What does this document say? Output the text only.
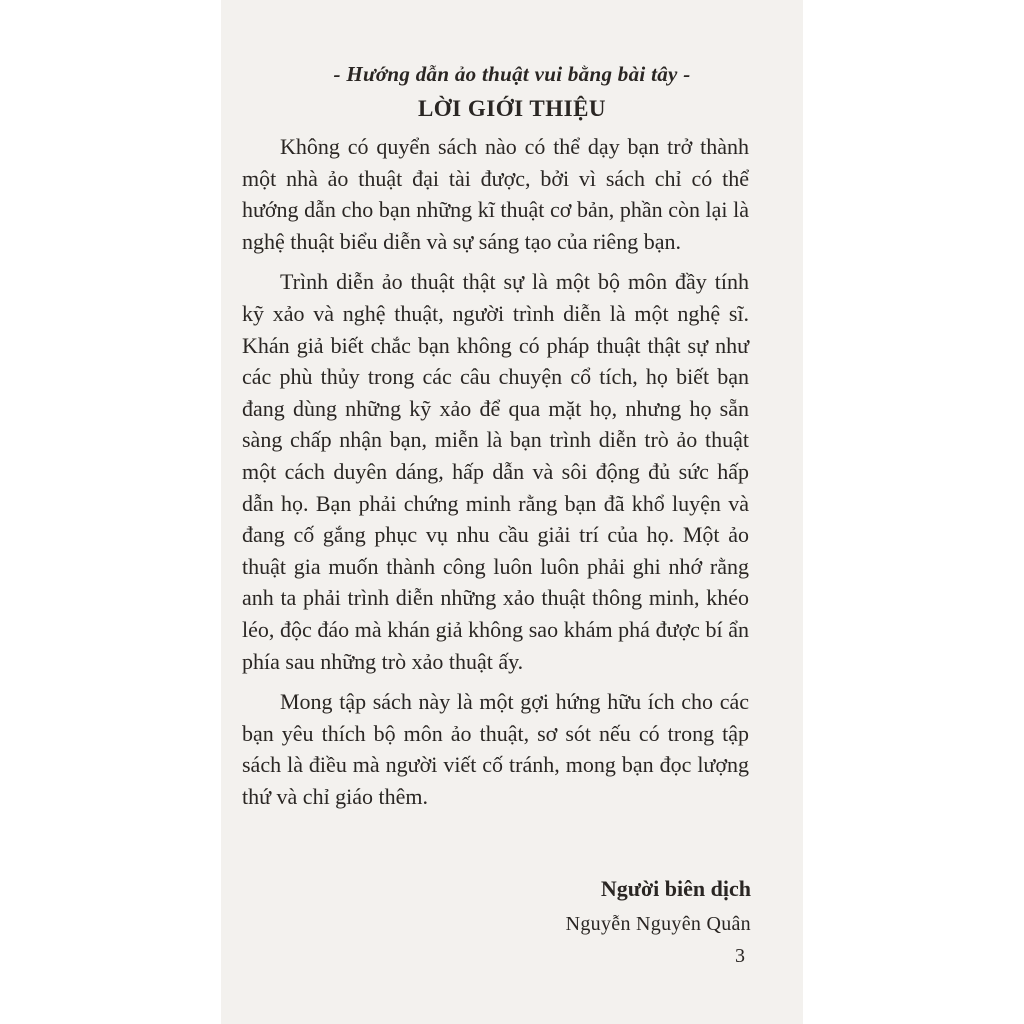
- Hướng dẫn ảo thuật vui bằng bài tây -
LỜI GIỚI THIỆU

Không có quyển sách nào có thể dạy bạn trở thành một nhà ảo thuật đại tài được, bởi vì sách chỉ có thể hướng dẫn cho bạn những kĩ thuật cơ bản, phần còn lại là nghệ thuật biểu diễn và sự sáng tạo của riêng bạn.

Trình diễn ảo thuật thật sự là một bộ môn đầy tính kỹ xảo và nghệ thuật, người trình diễn là một nghệ sĩ. Khán giả biết chắc bạn không có pháp thuật thật sự như các phù thủy trong các câu chuyện cổ tích, họ biết bạn đang dùng những kỹ xảo để qua mặt họ, nhưng họ sẵn sàng chấp nhận bạn, miễn là bạn trình diễn trò ảo thuật một cách duyên dáng, hấp dẫn và sôi động đủ sức hấp dẫn họ. Bạn phải chứng minh rằng bạn đã khổ luyện và đang cố gắng phục vụ nhu cầu giải trí của họ. Một ảo thuật gia muốn thành công luôn luôn phải ghi nhớ rằng anh ta phải trình diễn những xảo thuật thông minh, khéo léo, độc đáo mà khán giả không sao khám phá được bí ẩn phía sau những trò xảo thuật ấy.

Mong tập sách này là một gợi hứng hữu ích cho các bạn yêu thích bộ môn ảo thuật, sơ sót nếu có trong tập sách là điều mà người viết cố tránh, mong bạn đọc lượng thứ và chỉ giáo thêm.

Người biên dịch
Nguyễn Nguyên Quân
3
